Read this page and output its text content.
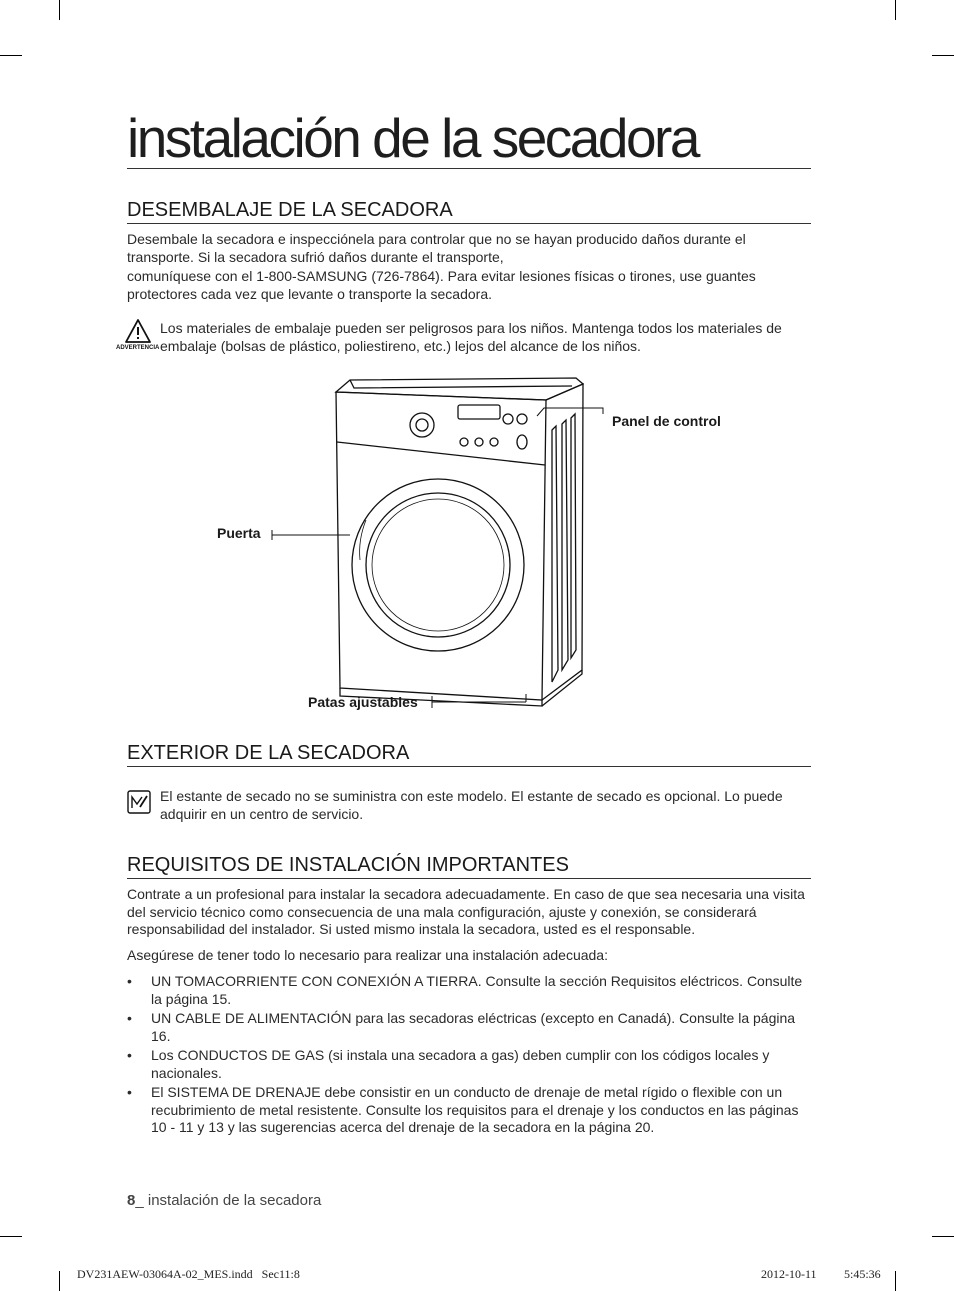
instalación de la secadora
DESEMBALAJE DE LA SECADORA

Desembale la secadora e inspecciónela para controlar que no se hayan producido daños durante el transporte. Si la secadora sufrió daños durante el transporte,

comuníquese con el 1-800-SAMSUNG (726-7864). Para evitar lesiones físicas o tirones, use guantes protectores cada vez que levante o transporte la secadora.

ADVERTENCIA

Los materiales de embalaje pueden ser peligrosos para los niños. Mantenga todos los materiales de embalaje (bolsas de plástico, poliestireno, etc.) lejos del alcance de los niños.

Panel de control
Puerta
Patas ajustables
EXTERIOR DE LA SECADORA

El estante de secado no se suministra con este modelo. El estante de secado es opcional. Lo puede adquirir en un centro de servicio.

REQUISITOS DE INSTALACIÓN IMPORTANTES

Contrate a un profesional para instalar la secadora adecuadamente. En caso de que sea necesaria una visita del servicio técnico como consecuencia de una mala configuración, ajuste y conexión, se considerará responsabilidad del instalador. Si usted mismo instala la secadora, usted es el responsable.

Asegúrese de tener todo lo necesario para realizar una instalación adecuada:

• UN TOMACORRIENTE CON CONEXIÓN A TIERRA. Consulte la sección Requisitos eléctricos. Consulte la página 15.
• UN CABLE DE ALIMENTACIÓN para las secadoras eléctricas (excepto en Canadá). Consulte la página 16.
• Los CONDUCTOS DE GAS (si instala una secadora a gas) deben cumplir con los códigos locales y nacionales.
• El SISTEMA DE DRENAJE debe consistir en un conducto de drenaje de metal rígido o flexible con un recubrimiento de metal resistente. Consulte los requisitos para el drenaje y los conductos en las páginas 10 - 11 y 13 y las sugerencias acerca del drenaje de la secadora en la página 20.
8_ instalación de la secadora
DV231AEW-03064A-02_MES.indd   Sec11:8	2012-10-11 5:45:36
